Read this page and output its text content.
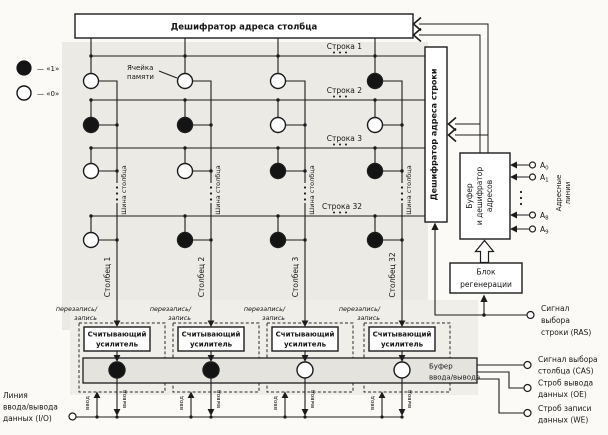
Считывающий
усилитель
Считывающий
усилитель
Считывающий
усилитель
Считывающий
усилитель
Буфер
ввода/вывода
Дешифратор адреса столбца
Дешифратор адреса строки	Буфер и дешифратор адресов
$A_0$
$A_1$
$A_8$
$A_9$
Адресные линии
Блок
регенерации
Сигнал
выбора
строки (RAS)
Сигнал выбора
столбца (CAS)
Строб вывода
данных (OE)
Строб записи
данных (WE)
Линия
ввода/вывода
данных (I/O)
— «1»
— «0»
Ячейка
памяти
Строка 1
Строка 2
Строка 3
Строка 32
Шина столбца	Шина столбца	Шина столбца	Шина столбца
Столбец 1	Столбец 2	Столбец 3	Столбец 32
перезапись/
запись
перезапись/
запись
перезапись/
запись
перезапись/
запись
ввод	вывод	ввод	вывод	ввод	вывод	ввод	вывод
